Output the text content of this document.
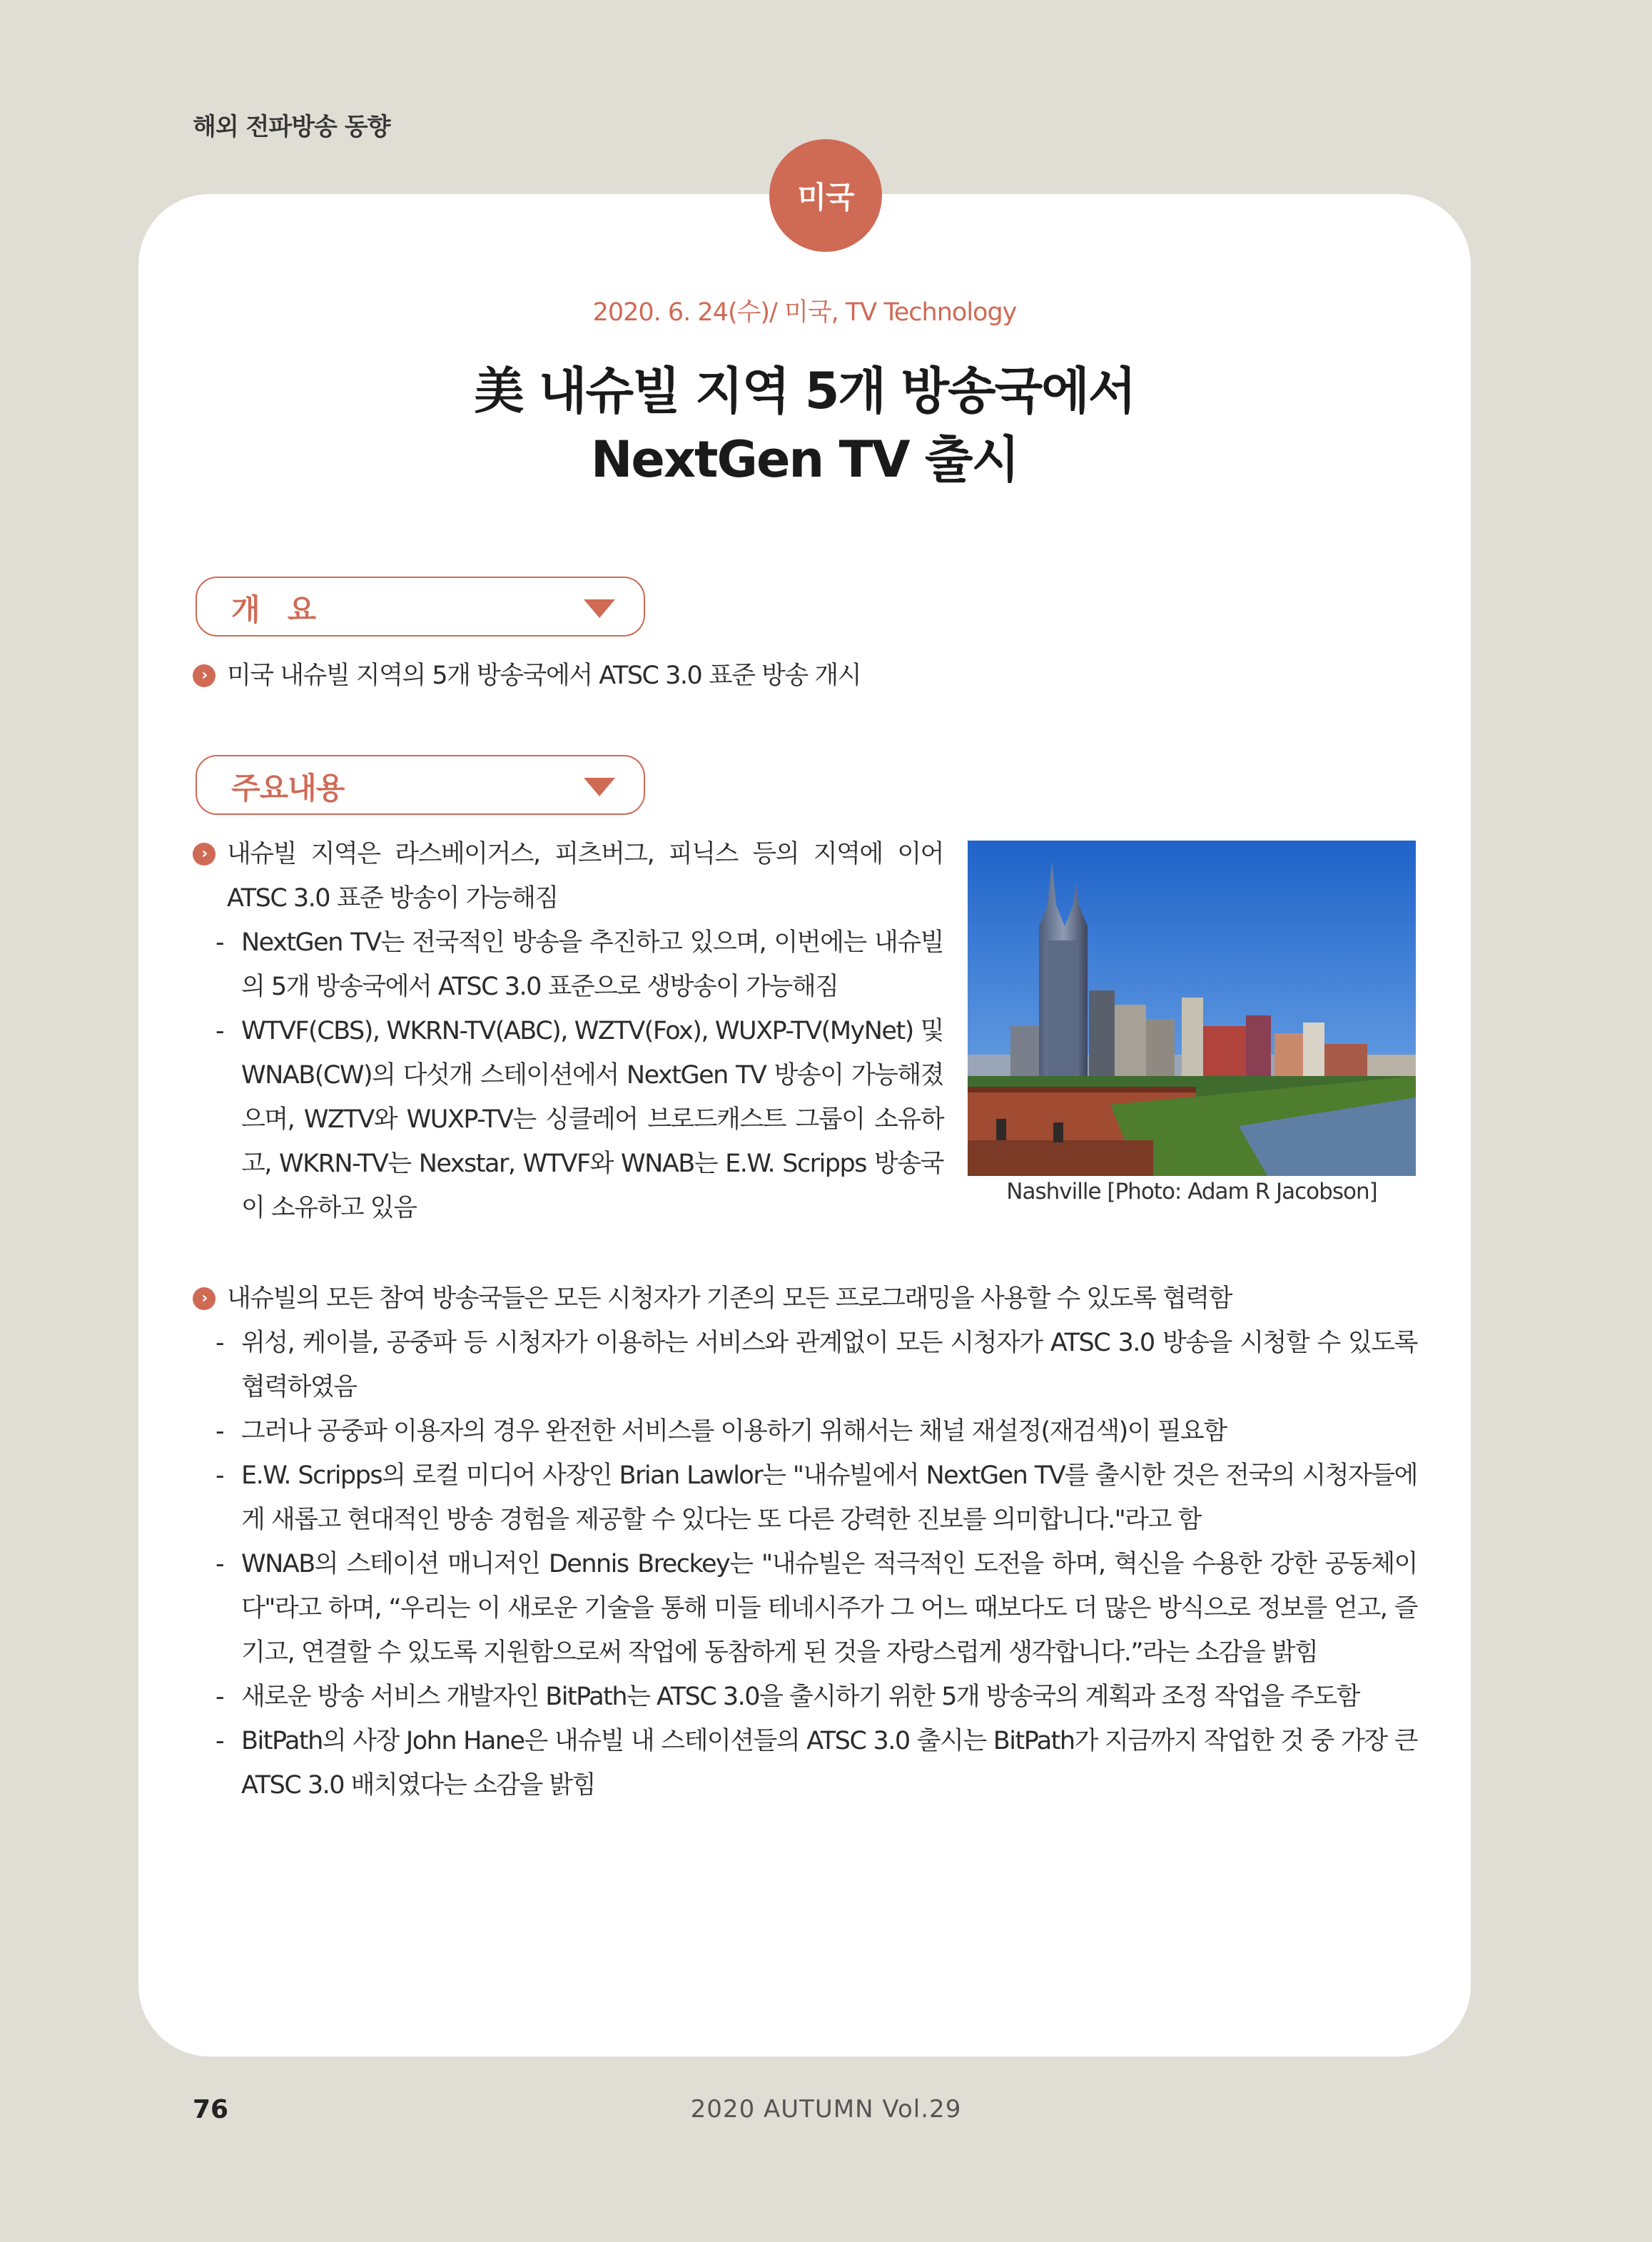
해외 전파방송 동향
미국
2020. 6. 24(수)/ 미국, TV Technology
美 내슈빌 지역 5개 방송국에서
NextGen TV 출시
개요
› 미국 내슈빌 지역의 5개 방송국에서 ATSC 3.0 표준 방송 개시
주요내용
› 내슈빌 지역은 라스베이거스, 피츠버그, 피닉스 등의 지역에 이어 ATSC 3.0 표준 방송이 가능해짐
- NextGen TV는 전국적인 방송을 추진하고 있으며, 이번에는 내슈빌의 5개 방송국에서 ATSC 3.0 표준으로 생방송이 가능해짐
- WTVF(CBS), WKRN-TV(ABC), WZTV(Fox), WUXP-TV(MyNet) 및 WNAB(CW)의 다섯개 스테이션에서 NextGen TV 방송이 가능해졌으며, WZTV와 WUXP-TV는 싱클레어 브로드캐스트 그룹이 소유하고, WKRN-TV는 Nexstar, WTVF와 WNAB는 E.W. Scripps 방송국이 소유하고 있음
Nashville [Photo: Adam R Jacobson]
› 내슈빌의 모든 참여 방송국들은 모든 시청자가 기존의 모든 프로그래밍을 사용할 수 있도록 협력함
- 위성, 케이블, 공중파 등 시청자가 이용하는 서비스와 관계없이 모든 시청자가 ATSC 3.0 방송을 시청할 수 있도록 협력하였음
- 그러나 공중파 이용자의 경우 완전한 서비스를 이용하기 위해서는 채널 재설정(재검색)이 필요함
- E.W. Scripps의 로컬 미디어 사장인 Brian Lawlor는 "내슈빌에서 NextGen TV를 출시한 것은 전국의 시청자들에게 새롭고 현대적인 방송 경험을 제공할 수 있다는 또 다른 강력한 진보를 의미합니다."라고 함
- WNAB의 스테이션 매니저인 Dennis Breckey는 "내슈빌은 적극적인 도전을 하며, 혁신을 수용한 강한 공동체이다"라고 하며, “우리는 이 새로운 기술을 통해 미들 테네시주가 그 어느 때보다도 더 많은 방식으로 정보를 얻고, 즐기고, 연결할 수 있도록 지원함으로써 작업에 동참하게 된 것을 자랑스럽게 생각합니다.”라는 소감을 밝힘
- 새로운 방송 서비스 개발자인 BitPath는 ATSC 3.0을 출시하기 위한 5개 방송국의 계획과 조정 작업을 주도함
- BitPath의 사장 John Hane은 내슈빌 내 스테이션들의 ATSC 3.0 출시는 BitPath가 지금까지 작업한 것 중 가장 큰 ATSC 3.0 배치였다는 소감을 밝힘
76	2020 AUTUMN Vol.29
